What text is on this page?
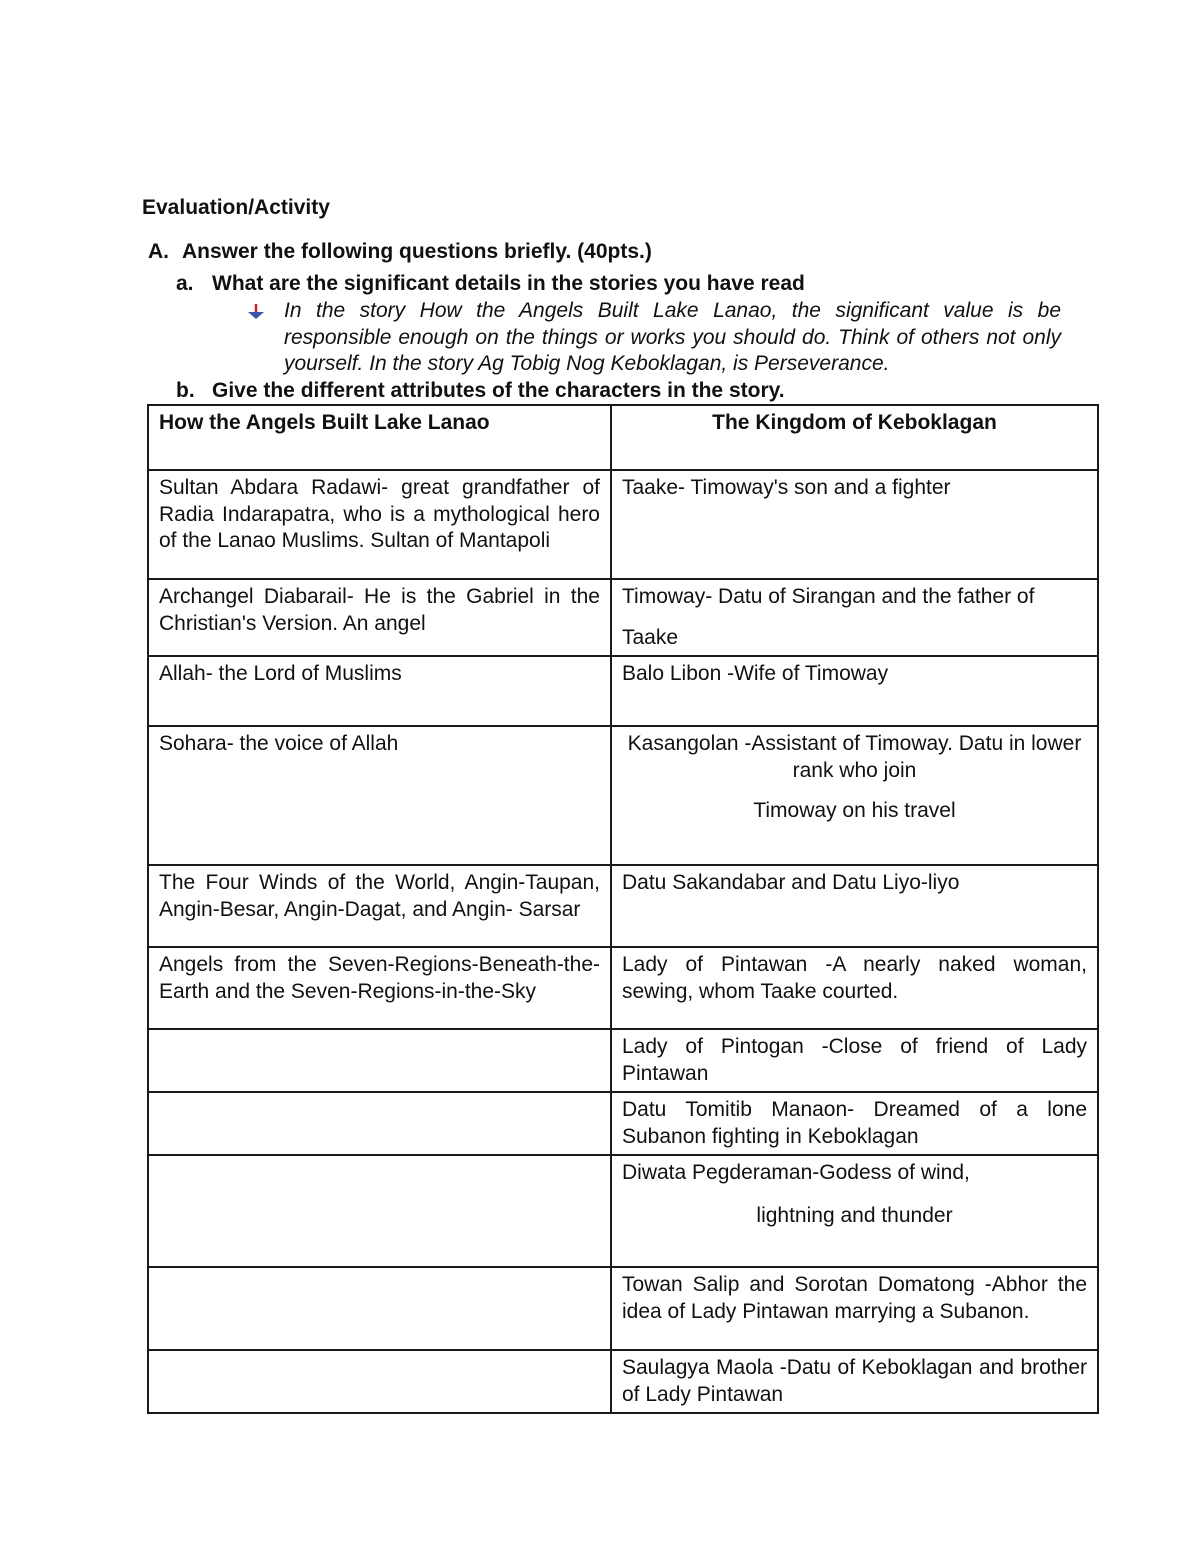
Evaluation/Activity
A. Answer the following questions briefly. (40pts.)
a. What are the significant details in the stories you have read
In the story How the Angels Built Lake Lanao, the significant value is be responsible enough on the things or works you should do. Think of others not only yourself. In the story Ag Tobig Nog Keboklagan, is Perseverance.
b. Give the different attributes of the characters in the story.
How the Angels Built Lake Lanao	The Kingdom of Keboklagan
Sultan Abdara Radawi- great grandfather of Radia Indarapatra, who is a mythological hero of the Lanao Muslims. Sultan of Mantapoli	Taake- Timoway's son and a fighter
Archangel Diabarail- He is the Gabriel in the Christian's Version. An angel	Timoway- Datu of Sirangan and the father of
Taake

Allah- the Lord of Muslims	Balo Libon -Wife of Timoway
Sohara- the voice of Allah	Kasangolan -Assistant of Timoway. Datu in lower rank who join
Timoway on his travel

The Four Winds of the World, Angin-Taupan, Angin-Besar, Angin-Dagat, and Angin- Sarsar	Datu Sakandabar and Datu Liyo-liyo
Angels from the Seven-Regions-Beneath-the-Earth and the Seven-Regions-in-the-Sky	Lady of Pintawan -A nearly naked woman, sewing, whom Taake courted.
	Lady of Pintogan -Close of friend of Lady Pintawan
	Datu Tomitib Manaon- Dreamed of a lone Subanon fighting in Keboklagan
	Diwata Pegderaman-Godess of wind,
lightning and thunder

	Towan Salip and Sorotan Domatong -Abhor the idea of Lady Pintawan marrying a Subanon.
	Saulagya Maola -Datu of Keboklagan and brother of Lady Pintawan
